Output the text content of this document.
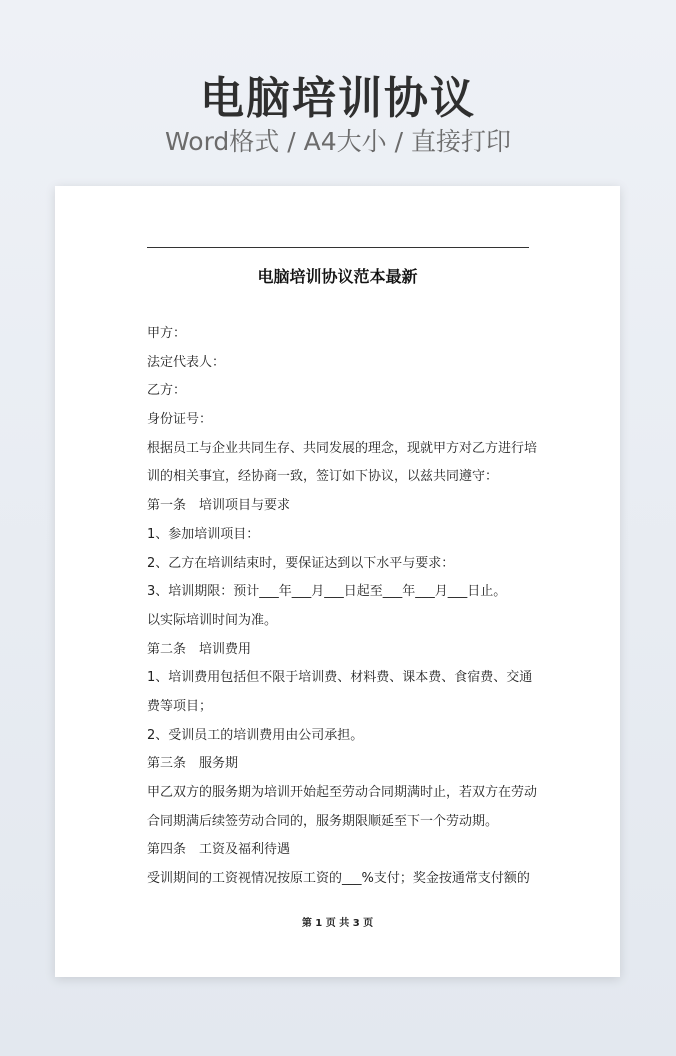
电脑培训协议

Word格式 / A4大小 / 直接打印

电脑培训协议范本最新
甲方：
法定代表人：
乙方：
身份证号：
根据员工与企业共同生存、共同发展的理念，现就甲方对乙方进行培
训的相关事宜，经协商一致，签订如下协议，以兹共同遵守：
第一条　培训项目与要求
1、参加培训项目：
2、乙方在培训结束时，要保证达到以下水平与要求：
3、培训期限：预计___年___月___日起至___年___月___日止。
以实际培训时间为准。
第二条　培训费用
1、培训费用包括但不限于培训费、材料费、课本费、食宿费、交通
费等项目；
2、受训员工的培训费用由公司承担。
第三条　服务期
甲乙双方的服务期为培训开始起至劳动合同期满时止，若双方在劳动
合同期满后续签劳动合同的，服务期限顺延至下一个劳动期。
第四条　工资及福利待遇
受训期间的工资视情况按原工资的___%支付；奖金按通常支付额的
第 1 页 共 3 页
